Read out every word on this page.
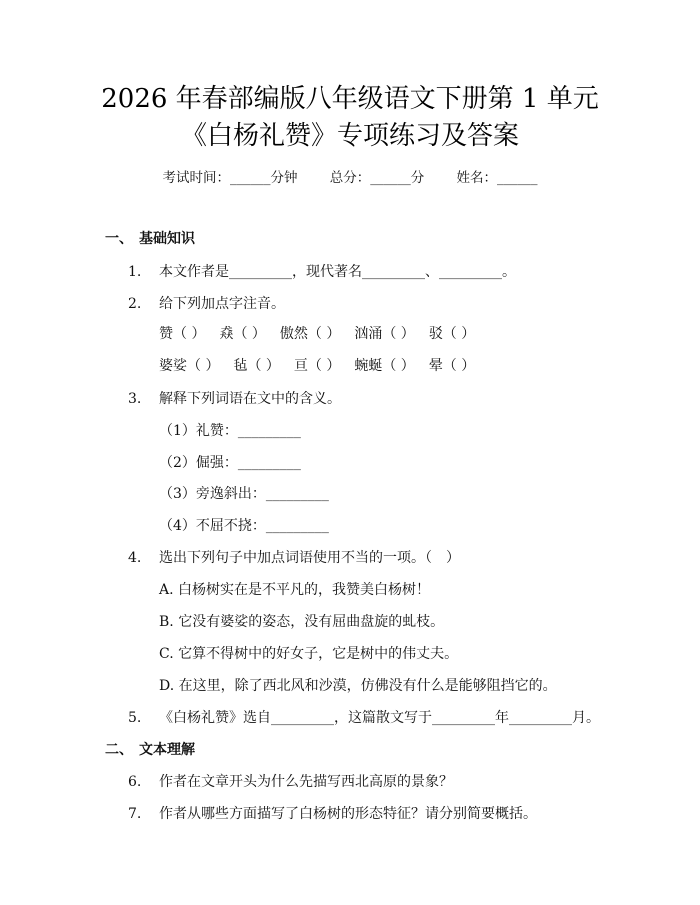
2026 年春部编版八年级语文下册第 1 单元
《白杨礼赞》专项练习及答案
考试时间：______分钟 总分：______分 姓名：______
一、 基础知识
1. 本文作者是_________，现代著名_________、_________。
2. 给下列加点字注音。
赞（ ） 猋（ ） 傲然（ ） 汹涌（ ） 驳（ ）
婆娑（ ） 毡（ ） 亘（ ） 蜿蜒（ ） 晕（ ）
3. 解释下列词语在文中的含义。
（1）礼赞：_________
（2）倔强：_________
（3）旁逸斜出：_________
（4）不屈不挠：_________
4. 选出下列句子中加点词语使用不当的一项。（　）
A. 白杨树实在是不平凡的，我赞美白杨树！
B. 它没有婆娑的姿态，没有屈曲盘旋的虬枝。
C. 它算不得树中的好女子，它是树中的伟丈夫。
D. 在这里，除了西北风和沙漠，仿佛没有什么是能够阻挡它的。
5. 《白杨礼赞》选自_________，这篇散文写于_________年_________月。
二、 文本理解
6. 作者在文章开头为什么先描写西北高原的景象？
7. 作者从哪些方面描写了白杨树的形态特征？请分别简要概括。
